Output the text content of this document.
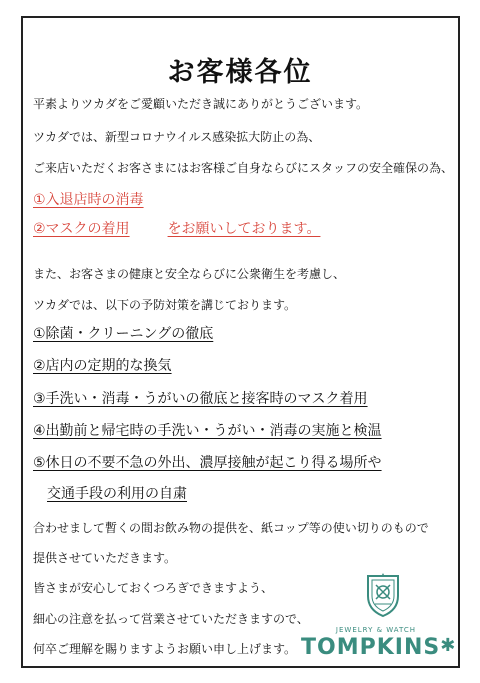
お客様各位
平素よりツカダをご愛顧いただき誠にありがとうございます。
ツカダでは、新型コロナウイルス感染拡大防止の為、
ご来店いただくお客さまにはお客様ご自身ならびにスタッフの安全確保の為、
①入退店時の消毒
②マスクの着用	をお願いしております。
また、お客さまの健康と安全ならびに公衆衛生を考慮し、
ツカダでは、以下の予防対策を講じております。
①除菌・クリーニングの徹底
②店内の定期的な換気
③手洗い・消毒・うがいの徹底と接客時のマスク着用
④出勤前と帰宅時の手洗い・うがい・消毒の実施と検温
⑤休日の不要不急の外出、濃厚接触が起こり得る場所や
交通手段の利用の自粛
合わせまして暫くの間お飲み物の提供を、紙コップ等の使い切りのもので
提供させていただきます。
皆さまが安心しておくつろぎできますよう、
細心の注意を払って営業させていただきますので、
何卒ご理解を賜りますようお願い申し上げます。
JEWELRY & WATCH
TOMPKINS✱
